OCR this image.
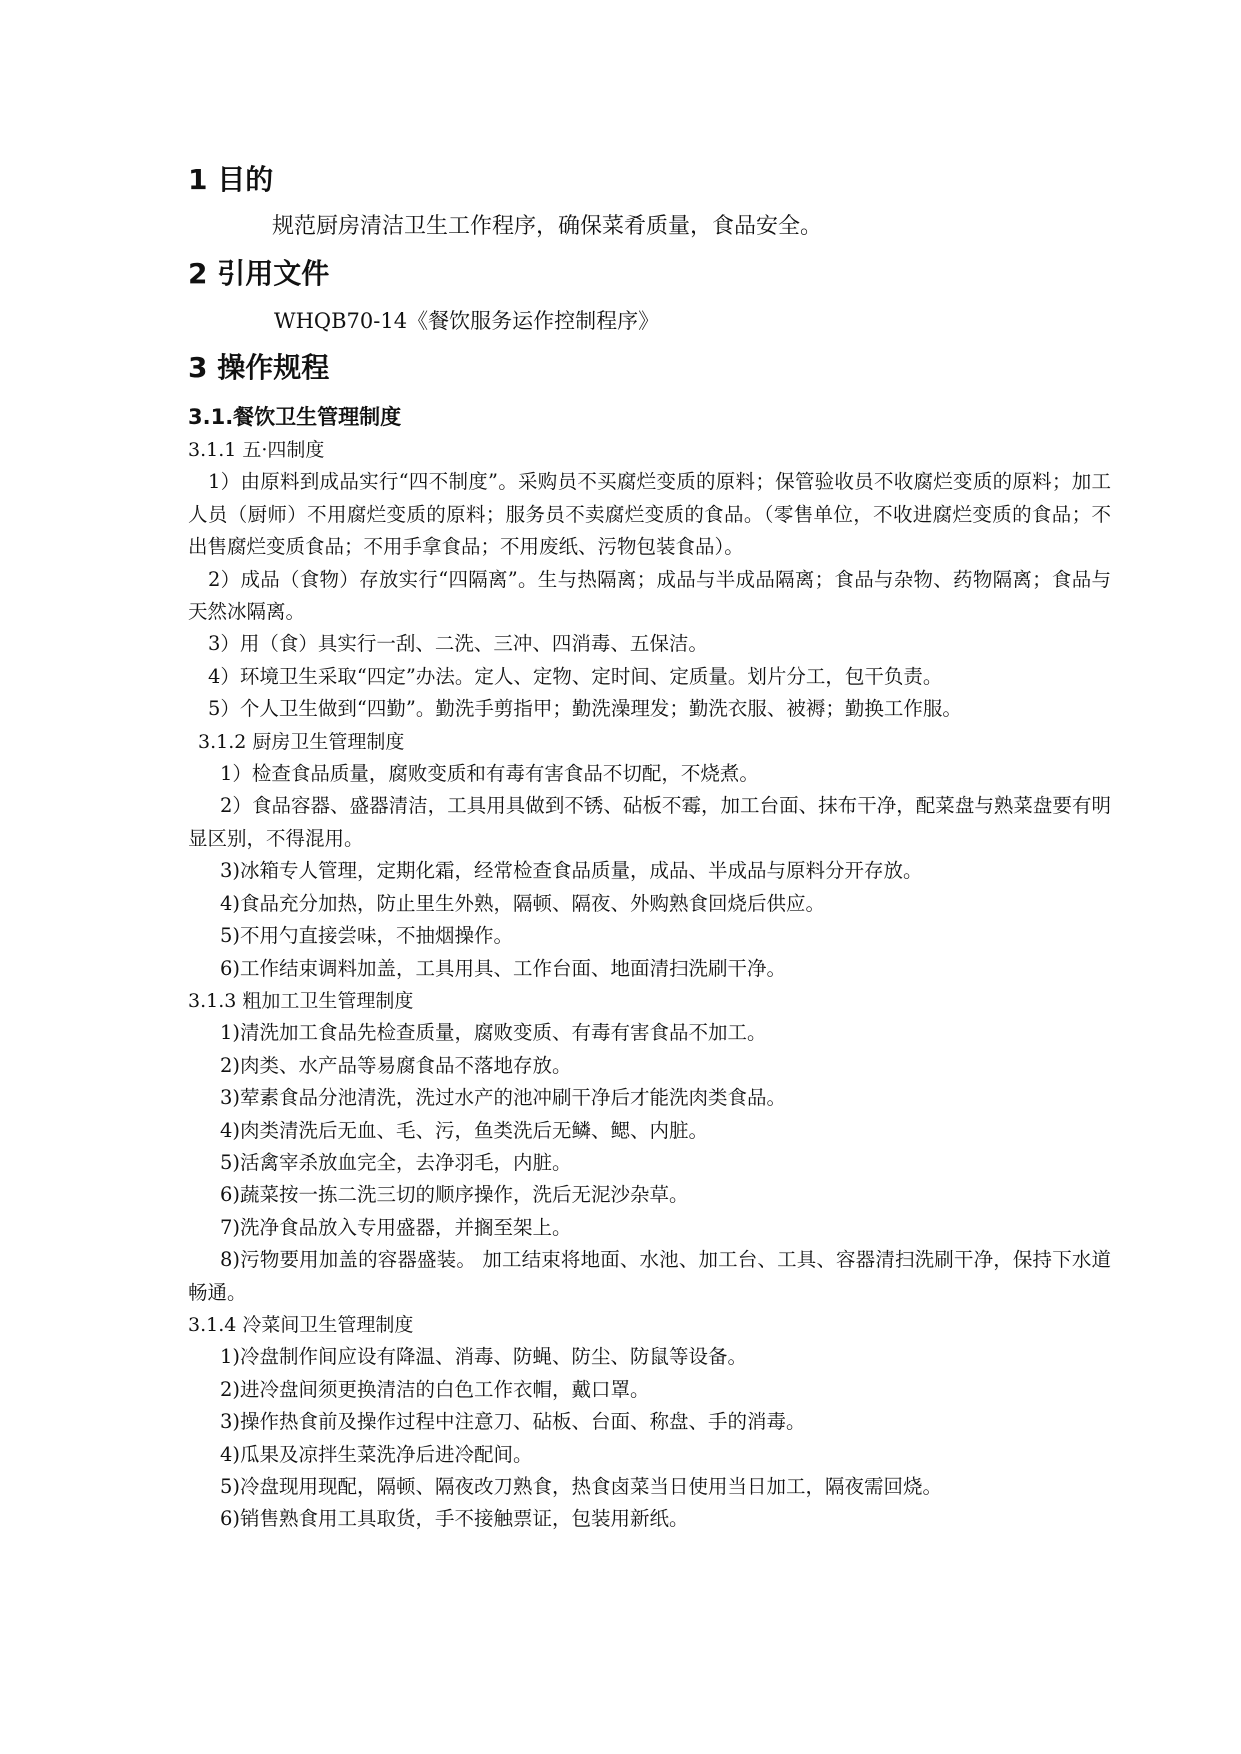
1 目的
规范厨房清洁卫生工作程序，确保菜肴质量，食品安全。
2 引用文件
WHQB70-14《餐饮服务运作控制程序》
3 操作规程
3.1.餐饮卫生管理制度
3.1.1 五·四制度

1）由原料到成品实行“四不制度”。采购员不买腐烂变质的原料；保管验收员不收腐烂变质的原料；加工人员（厨师）不用腐烂变质的原料；服务员不卖腐烂变质的食品。（零售单位，不收进腐烂变质的食品；不出售腐烂变质食品；不用手拿食品；不用废纸、污物包装食品）。

2）成品（食物）存放实行“四隔离”。生与热隔离；成品与半成品隔离；食品与杂物、药物隔离；食品与天然冰隔离。

3）用（食）具实行一刮、二洗、三冲、四消毒、五保洁。

4）环境卫生采取“四定”办法。定人、定物、定时间、定质量。划片分工，包干负责。

5）个人卫生做到“四勤”。勤洗手剪指甲；勤洗澡理发；勤洗衣服、被褥；勤换工作服。

3.1.2 厨房卫生管理制度

1）检查食品质量，腐败变质和有毒有害食品不切配，不烧煮。

2）食品容器、盛器清洁，工具用具做到不锈、砧板不霉，加工台面、抹布干净，配菜盘与熟菜盘要有明显区别，不得混用。

3)冰箱专人管理，定期化霜，经常检查食品质量，成品、半成品与原料分开存放。

4)食品充分加热，防止里生外熟，隔顿、隔夜、外购熟食回烧后供应。

5)不用勺直接尝味，不抽烟操作。

6)工作结束调料加盖，工具用具、工作台面、地面清扫洗刷干净。

3.1.3 粗加工卫生管理制度

1)清洗加工食品先检查质量，腐败变质、有毒有害食品不加工。

2)肉类、水产品等易腐食品不落地存放。

3)荤素食品分池清洗，洗过水产的池冲刷干净后才能洗肉类食品。

4)肉类清洗后无血、毛、污，鱼类洗后无鳞、鳃、内脏。

5)活禽宰杀放血完全，去净羽毛，内脏。

6)蔬菜按一拣二洗三切的顺序操作，洗后无泥沙杂草。

7)洗净食品放入专用盛器，并搁至架上。

8)污物要用加盖的容器盛装。 加工结束将地面、水池、加工台、工具、容器清扫洗刷干净，保持下水道畅通。

3.1.4 冷菜间卫生管理制度

1)冷盘制作间应设有降温、消毒、防蝇、防尘、防鼠等设备。

2)进冷盘间须更换清洁的白色工作衣帽，戴口罩。

3)操作热食前及操作过程中注意刀、砧板、台面、称盘、手的消毒。

4)瓜果及凉拌生菜洗净后进冷配间。

5)冷盘现用现配，隔顿、隔夜改刀熟食，热食卤菜当日使用当日加工，隔夜需回烧。

6)销售熟食用工具取货，手不接触票证，包装用新纸。
